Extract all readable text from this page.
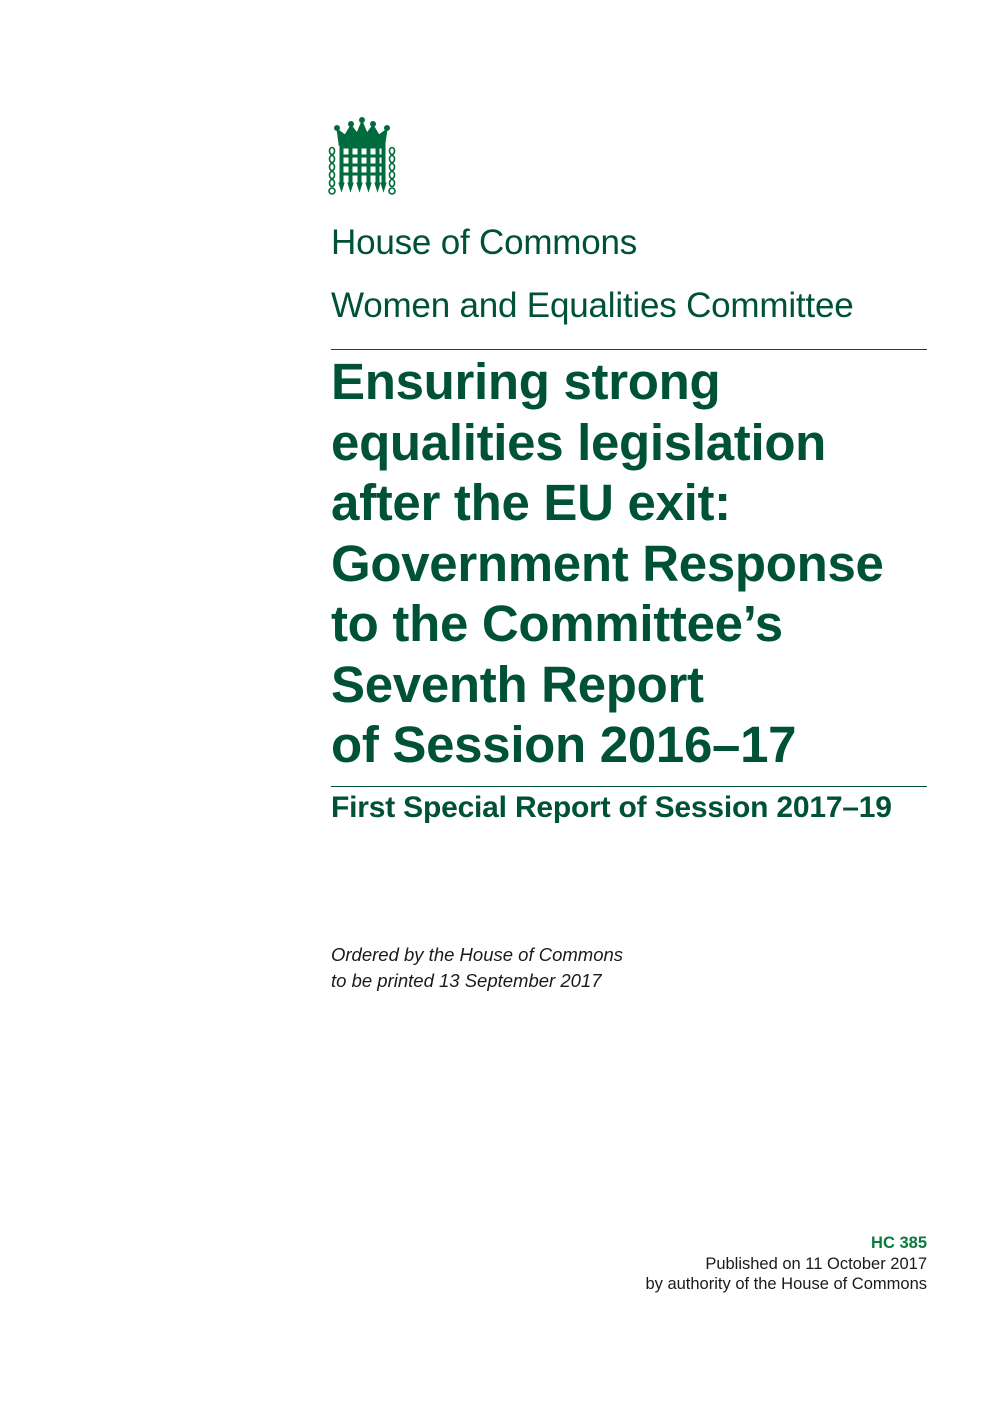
House of Commons
Women and Equalities Committee
Ensuring strong
equalities legislation
after the EU exit:
Government Response
to the Committee’s
Seventh Report
of Session 2016–17
First Special Report of Session 2017–19
Ordered by the House of Commons
to be printed 13 September 2017
HC 385
Published on 11 October 2017
by authority of the House of Commons
